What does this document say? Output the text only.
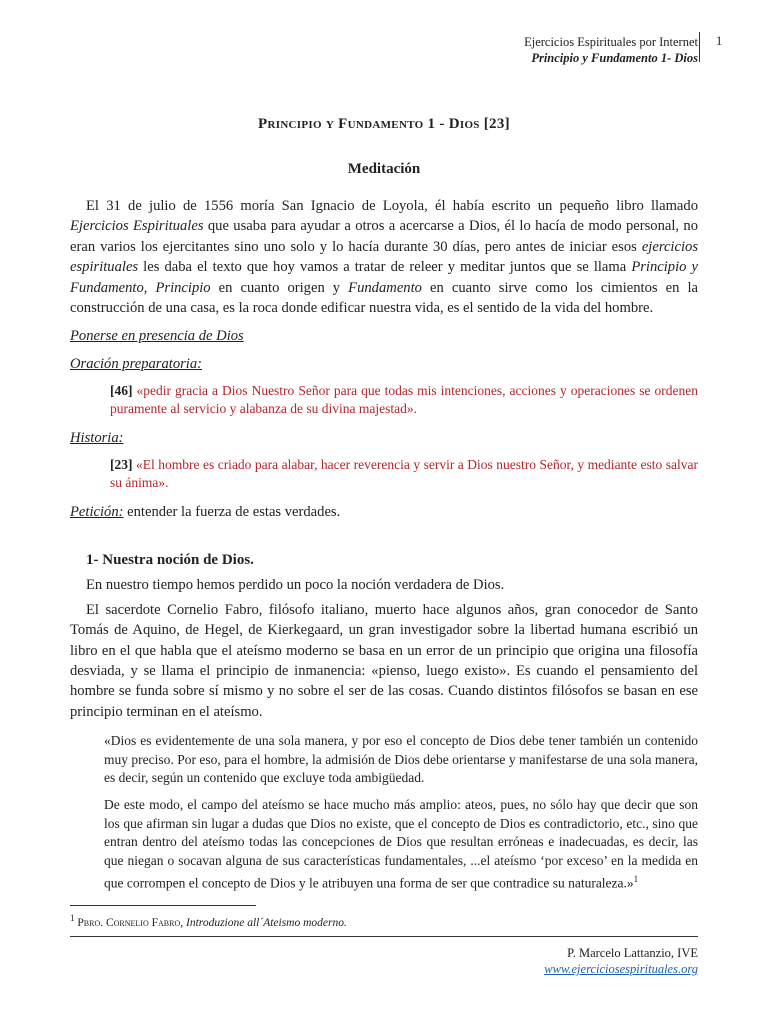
Ejercicios Espirituales por Internet
Principio y Fundamento 1- Dios
1
Principio y Fundamento 1 - Dios [23]
Meditación

El 31 de julio de 1556 moría San Ignacio de Loyola, él había escrito un pequeño libro llamado Ejercicios Espirituales que usaba para ayudar a otros a acercarse a Dios, él lo hacía de modo personal, no eran varios los ejercitantes sino uno solo y lo hacía durante 30 días, pero antes de iniciar esos ejercicios espirituales les daba el texto que hoy vamos a tratar de releer y meditar juntos que se llama Principio y Fundamento, Principio en cuanto origen y Fundamento en cuanto sirve como los cimientos en la construcción de una casa, es la roca donde edificar nuestra vida, es el sentido de la vida del hombre.

Ponerse en presencia de Dios
Oración preparatoria:

[46] «pedir gracia a Dios Nuestro Señor para que todas mis intenciones, acciones y operaciones se ordenen puramente al servicio y alabanza de su divina majestad».

Historia:

[23] «El hombre es criado para alabar, hacer reverencia y servir a Dios nuestro Señor, y mediante esto salvar su ánima».

Petición: entender la fuerza de estas verdades.

1- Nuestra noción de Dios.

En nuestro tiempo hemos perdido un poco la noción verdadera de Dios.

El sacerdote Cornelio Fabro, filósofo italiano, muerto hace algunos años, gran conocedor de Santo Tomás de Aquino, de Hegel, de Kierkegaard, un gran investigador sobre la libertad humana escribió un libro en el que habla que el ateísmo moderno se basa en un error de un principio que origina una filosofía desviada, y se llama el principio de inmanencia: «pienso, luego existo». Es cuando el pensamiento del hombre se funda sobre sí mismo y no sobre el ser de las cosas. Cuando distintos filósofos se basan en ese principio terminan en el ateísmo.

«Dios es evidentemente de una sola manera, y por eso el concepto de Dios debe tener también un contenido muy preciso. Por eso, para el hombre, la admisión de Dios debe orientarse y manifestarse de una sola manera, es decir, según un contenido que excluye toda ambigüedad.

De este modo, el campo del ateísmo se hace mucho más amplio: ateos, pues, no sólo hay que decir que son los que afirman sin lugar a dudas que Dios no existe, que el concepto de Dios es contradictorio, etc., sino que entran dentro del ateísmo todas las concepciones de Dios que resultan erróneas e inadecuadas, es decir, las que niegan o socavan alguna de sus características fundamentales, ...el ateísmo ‘por exceso’ en la medida en que corrompen el concepto de Dios y le atribuyen una forma de ser que contradice su naturaleza.»$^1$

$^1$ Pbro. Cornelio Fabro, Introduzione all´Ateismo moderno.
P. Marcelo Lattanzio, IVE
www.ejerciciosespirituales.org
